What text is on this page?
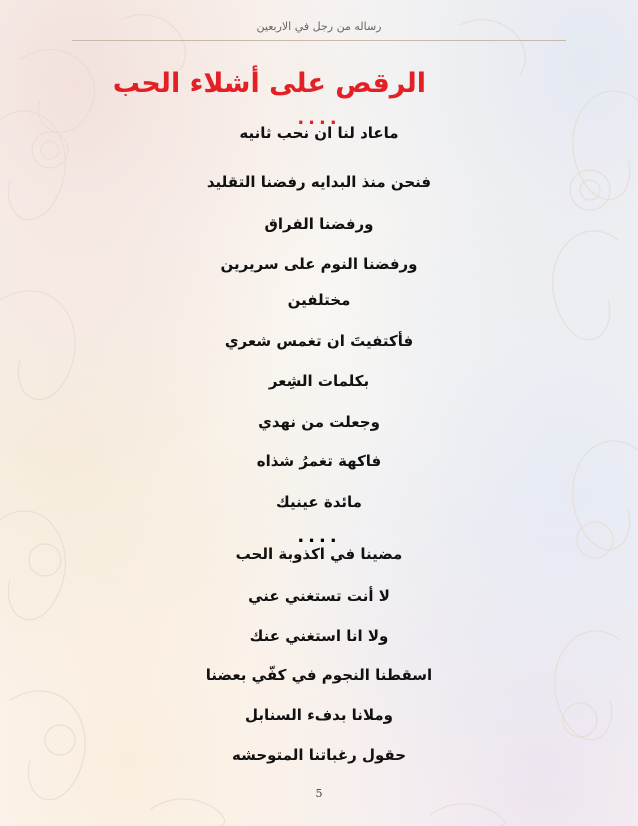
رساله من رجل في الاربعين
الرقص على أشلاء الحب
....
ماعاد لنا ان نحب ثانيه
فنحن منذ البدايه رفضنا التقليد
ورفضنا الفراق
ورفضنا النوم على سريرين
مختلفين
فأكتفيتَ ان تغمس شعري
بكلمات الشِعر
وجعلت من نهدي
فاكهة تغمرُ شذاه
مائدة عينيك
....
مضينا في اكذوبة الحب
لا أنت تستغني عني
ولا انا استغني عنك
اسقطنا النجوم في كفّي بعضنا
وملانا بدفء السنابل
حقول رغباتنا المتوحشه
5
